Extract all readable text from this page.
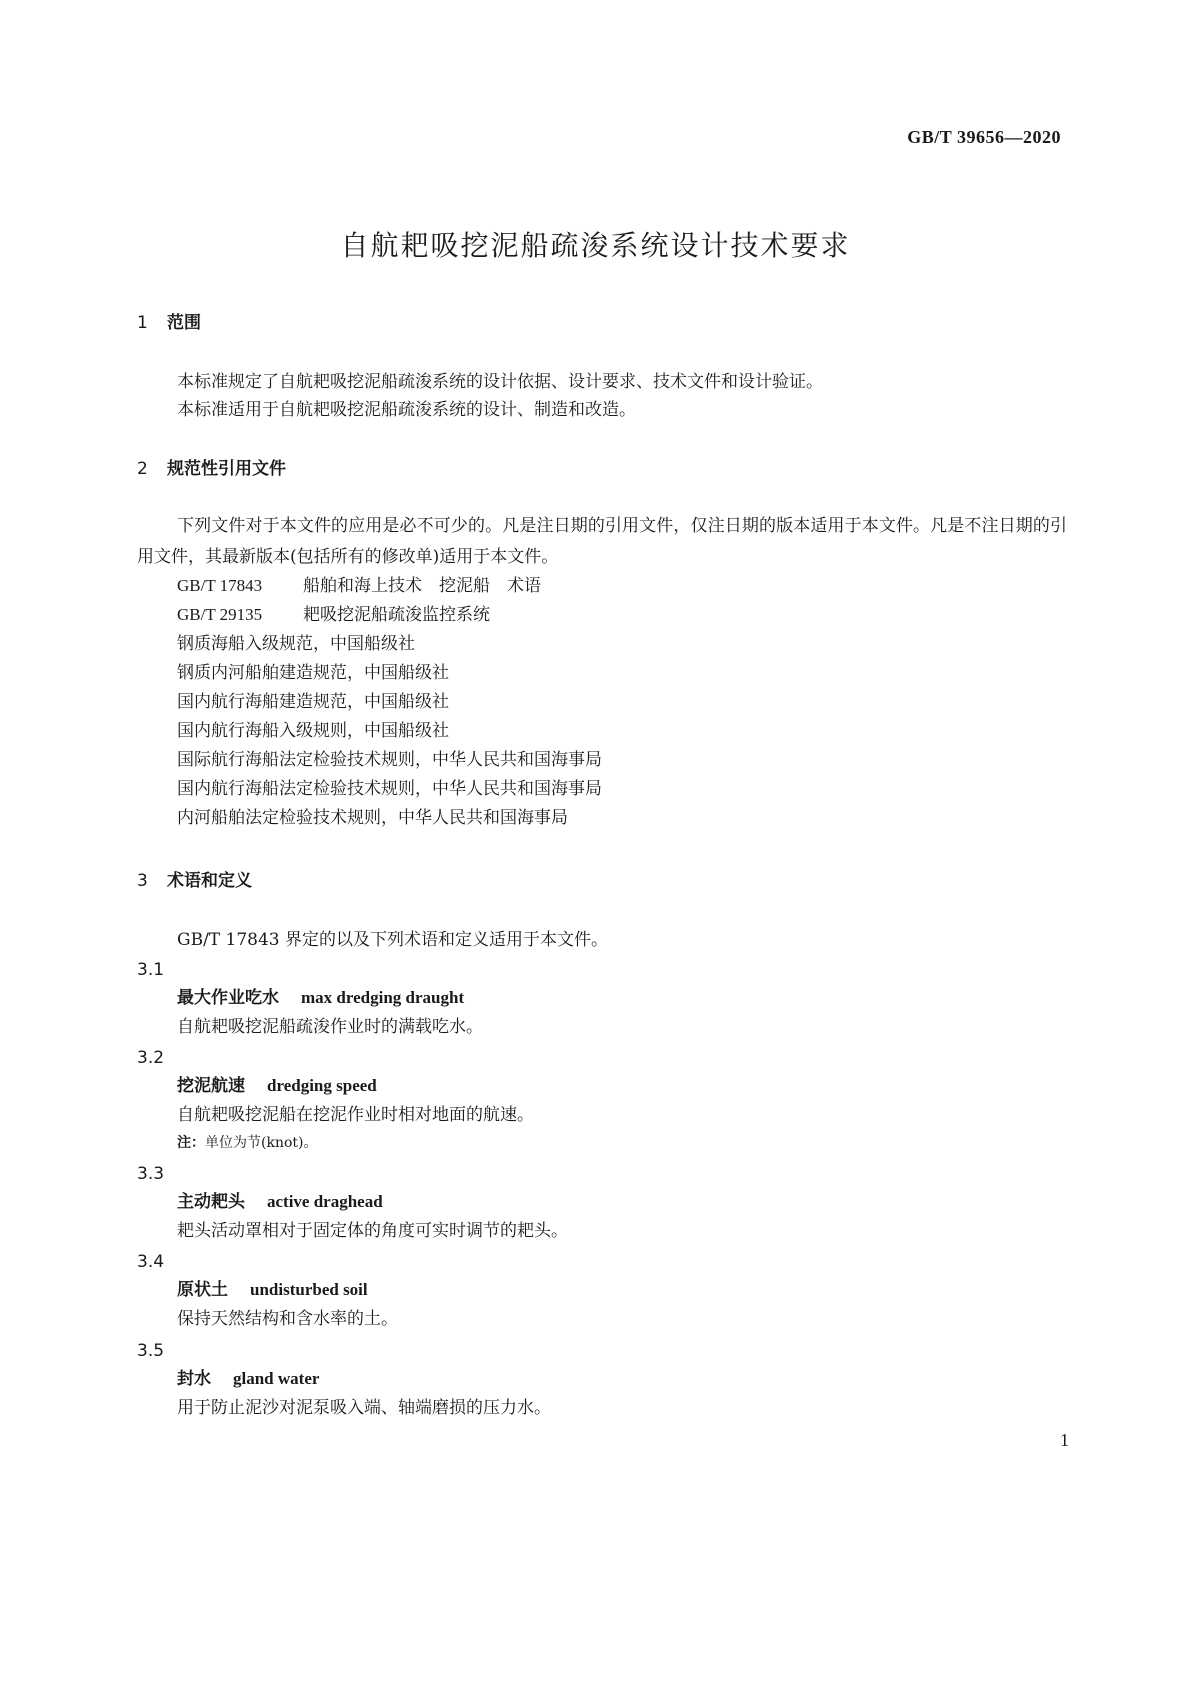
GB/T 39656—2020
自航耙吸挖泥船疏浚系统设计技术要求
1 范围
本标准规定了自航耙吸挖泥船疏浚系统的设计依据、设计要求、技术文件和设计验证。
本标准适用于自航耙吸挖泥船疏浚系统的设计、制造和改造。
2 规范性引用文件
下列文件对于本文件的应用是必不可少的。凡是注日期的引用文件，仅注日期的版本适用于本文件。凡是不注日期的引用文件，其最新版本(包括所有的修改单)适用于本文件。
GB/T 17843 船舶和海上技术　挖泥船　术语
GB/T 29135 耙吸挖泥船疏浚监控系统
钢质海船入级规范，中国船级社
钢质内河船舶建造规范，中国船级社
国内航行海船建造规范，中国船级社
国内航行海船入级规则，中国船级社
国际航行海船法定检验技术规则，中华人民共和国海事局
国内航行海船法定检验技术规则，中华人民共和国海事局
内河船舶法定检验技术规则，中华人民共和国海事局
3 术语和定义
GB/T 17843 界定的以及下列术语和定义适用于本文件。
3.1
最大作业吃水 max dredging draught
自航耙吸挖泥船疏浚作业时的满载吃水。
3.2
挖泥航速 dredging speed
自航耙吸挖泥船在挖泥作业时相对地面的航速。
注：单位为节(knot)。
3.3
主动耙头 active draghead
耙头活动罩相对于固定体的角度可实时调节的耙头。
3.4
原状土 undisturbed soil
保持天然结构和含水率的土。
3.5
封水 gland water
用于防止泥沙对泥泵吸入端、轴端磨损的压力水。
1
